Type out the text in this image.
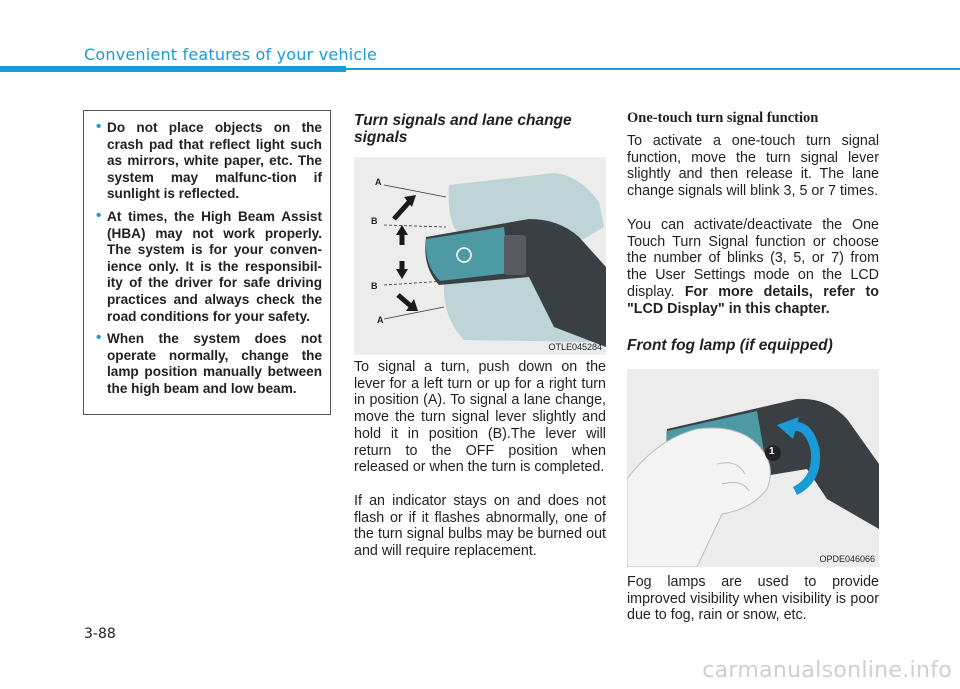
Convenient features of your vehicle
• Do not place objects on the crash pad that reflect light such as mirrors, white paper, etc. The system may malfunc-tion if sunlight is reflected.
• At times, the High Beam Assist (HBA) may not work properly. The system is for your conven-ience only. It is the responsibil-ity of the driver for safe driving practices and always check the road conditions for your safety.
• When the system does not operate normally, change the lamp position manually between the high beam and low beam.
Turn signals and lane change signals
A
B
B
A
OTLE045284

To signal a turn, push down on the lever for a left turn or up for a right turn in position (A). To signal a lane change, move the turn signal lever slightly and hold it in position (B).The lever will return to the OFF position when released or when the turn is completed.

If an indicator stays on and does not flash or if it flashes abnormally, one of the turn signal bulbs may be burned out and will require replacement.

One-touch turn signal function

To activate a one-touch turn signal function, move the turn signal lever slightly and then release it. The lane change signals will blink 3, 5 or 7 times.

You can activate/deactivate the One Touch Turn Signal function or choose the number of blinks (3, 5, or 7) from the User Settings mode on the LCD display. For more details, refer to "LCD Display" in this chapter.

Front fog lamp (if equipped)
1
OPDE046066

Fog lamps are used to provide improved visibility when visibility is poor due to fog, rain or snow, etc.

3-88
carmanualsonline.info
